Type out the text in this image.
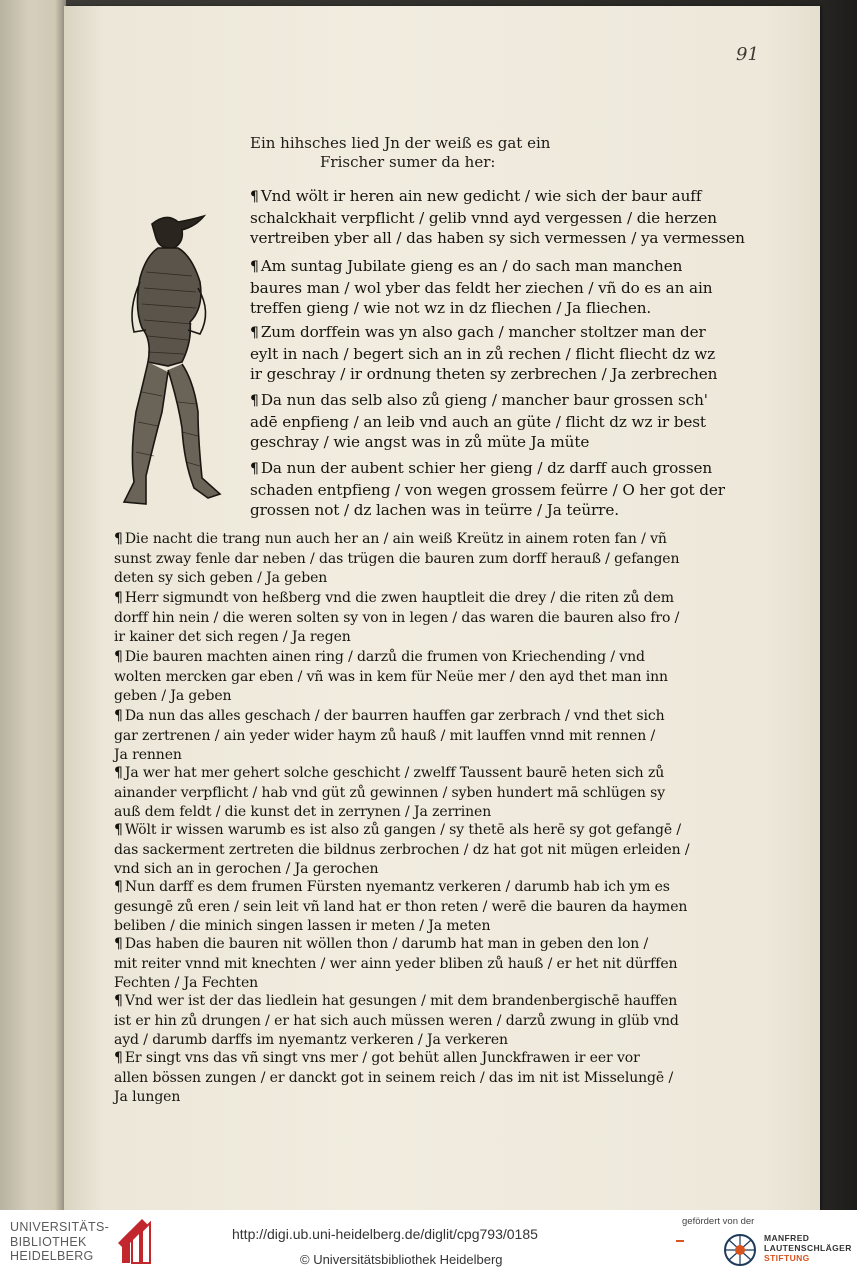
91
Ein hihsches lied Jn der weiß es gat ein
Frischer sumer da her:
¶ Vnd wölt ir heren ain new gedicht / wie sich der baur auff
schalckhait verpflicht / gelib vnnd ayd vergessen / die herzen
vertreiben yber all / das haben sy sich vermessen / ya vermessen
¶ Am suntag Jubilate gieng es an / do sach man manchen
baures man / wol yber das feldt her ziechen / vñ do es an ain
treffen gieng / wie not wz in dz fliechen / Ja fliechen.
¶ Zum dorffein was yn also gach / mancher stoltzer man der
eylt in nach / begert sich an in zů rechen / flicht fliecht dz wz
ir geschray / ir ordnung theten sy zerbrechen / Ja zerbrechen
¶ Da nun das selb also zů gieng / mancher baur grossen sch'
adē enpfieng / an leib vnd auch an güte / flicht dz wz ir best
geschray / wie angst was in zů müte Ja müte
¶ Da nun der aubent schier her gieng / dz darff auch grossen
schaden entpfieng / von wegen grossem feürre / O her got der
grossen not / dz lachen was in teürre / Ja teürre.
¶ Die nacht die trang nun auch her an / ain weiß Kreütz in ainem roten fan / vñ
sunst zway fenle dar neben / das trügen die bauren zum dorff herauß / gefangen
deten sy sich geben / Ja geben
¶ Herr sigmundt von heßberg vnd die zwen hauptleit die drey / die riten zů dem
dorff hin nein / die weren solten sy von in legen / das waren die bauren also fro /
ir kainer det sich regen / Ja regen
¶ Die bauren machten ainen ring / darzů die frumen von Kriechending / vnd
wolten mercken gar eben / vñ was in kem für Neüe mer / den ayd thet man inn
geben / Ja geben
¶ Da nun das alles geschach / der baurren hauffen gar zerbrach / vnd thet sich
gar zertrenen / ain yeder wider haym zů hauß / mit lauffen vnnd mit rennen /
Ja rennen
¶ Ja wer hat mer gehert solche geschicht / zwelff Taussent baurē heten sich zů
ainander verpflicht / hab vnd güt zů gewinnen / syben hundert mā schlügen sy
auß dem feldt / die kunst det in zerrynen / Ja zerrinen
¶ Wölt ir wissen warumb es ist also zů gangen / sy thetē als herē sy got gefangē /
das sackerment zertreten die bildnus zerbrochen / dz hat got nit mügen erleiden /
vnd sich an in gerochen / Ja gerochen
¶ Nun darff es dem frumen Fürsten nyemantz verkeren / darumb hab ich ym es
gesungē zů eren / sein leit vñ land hat er thon reten / werē die bauren da haymen
beliben / die minich singen lassen ir meten / Ja meten
¶ Das haben die bauren nit wöllen thon / darumb hat man in geben den lon /
mit reiter vnnd mit knechten / wer ainn yeder bliben zů hauß / er het nit dürffen
Fechten / Ja Fechten
¶ Vnd wer ist der das liedlein hat gesungen / mit dem brandenbergischē hauffen
ist er hin zů drungen / er hat sich auch müssen weren / darzů zwung in glüb vnd
ayd / darumb darffs im nyemantz verkeren / Ja verkeren
¶ Er singt vns das vñ singt vns mer / got behüt allen Junckfrawen ir eer vor
allen bössen zungen / er danckt got in seinem reich / das im nit ist Misselungē /
Ja lungen
UNIVERSITÄTS-
BIBLIOTHEK
HEIDELBERG
http://digi.ub.uni-heidelberg.de/diglit/cpg793/0185
© Universitätsbibliothek Heidelberg
gefördert von der
MANFRED
LAUTENSCHLÄGER
STIFTUNG
